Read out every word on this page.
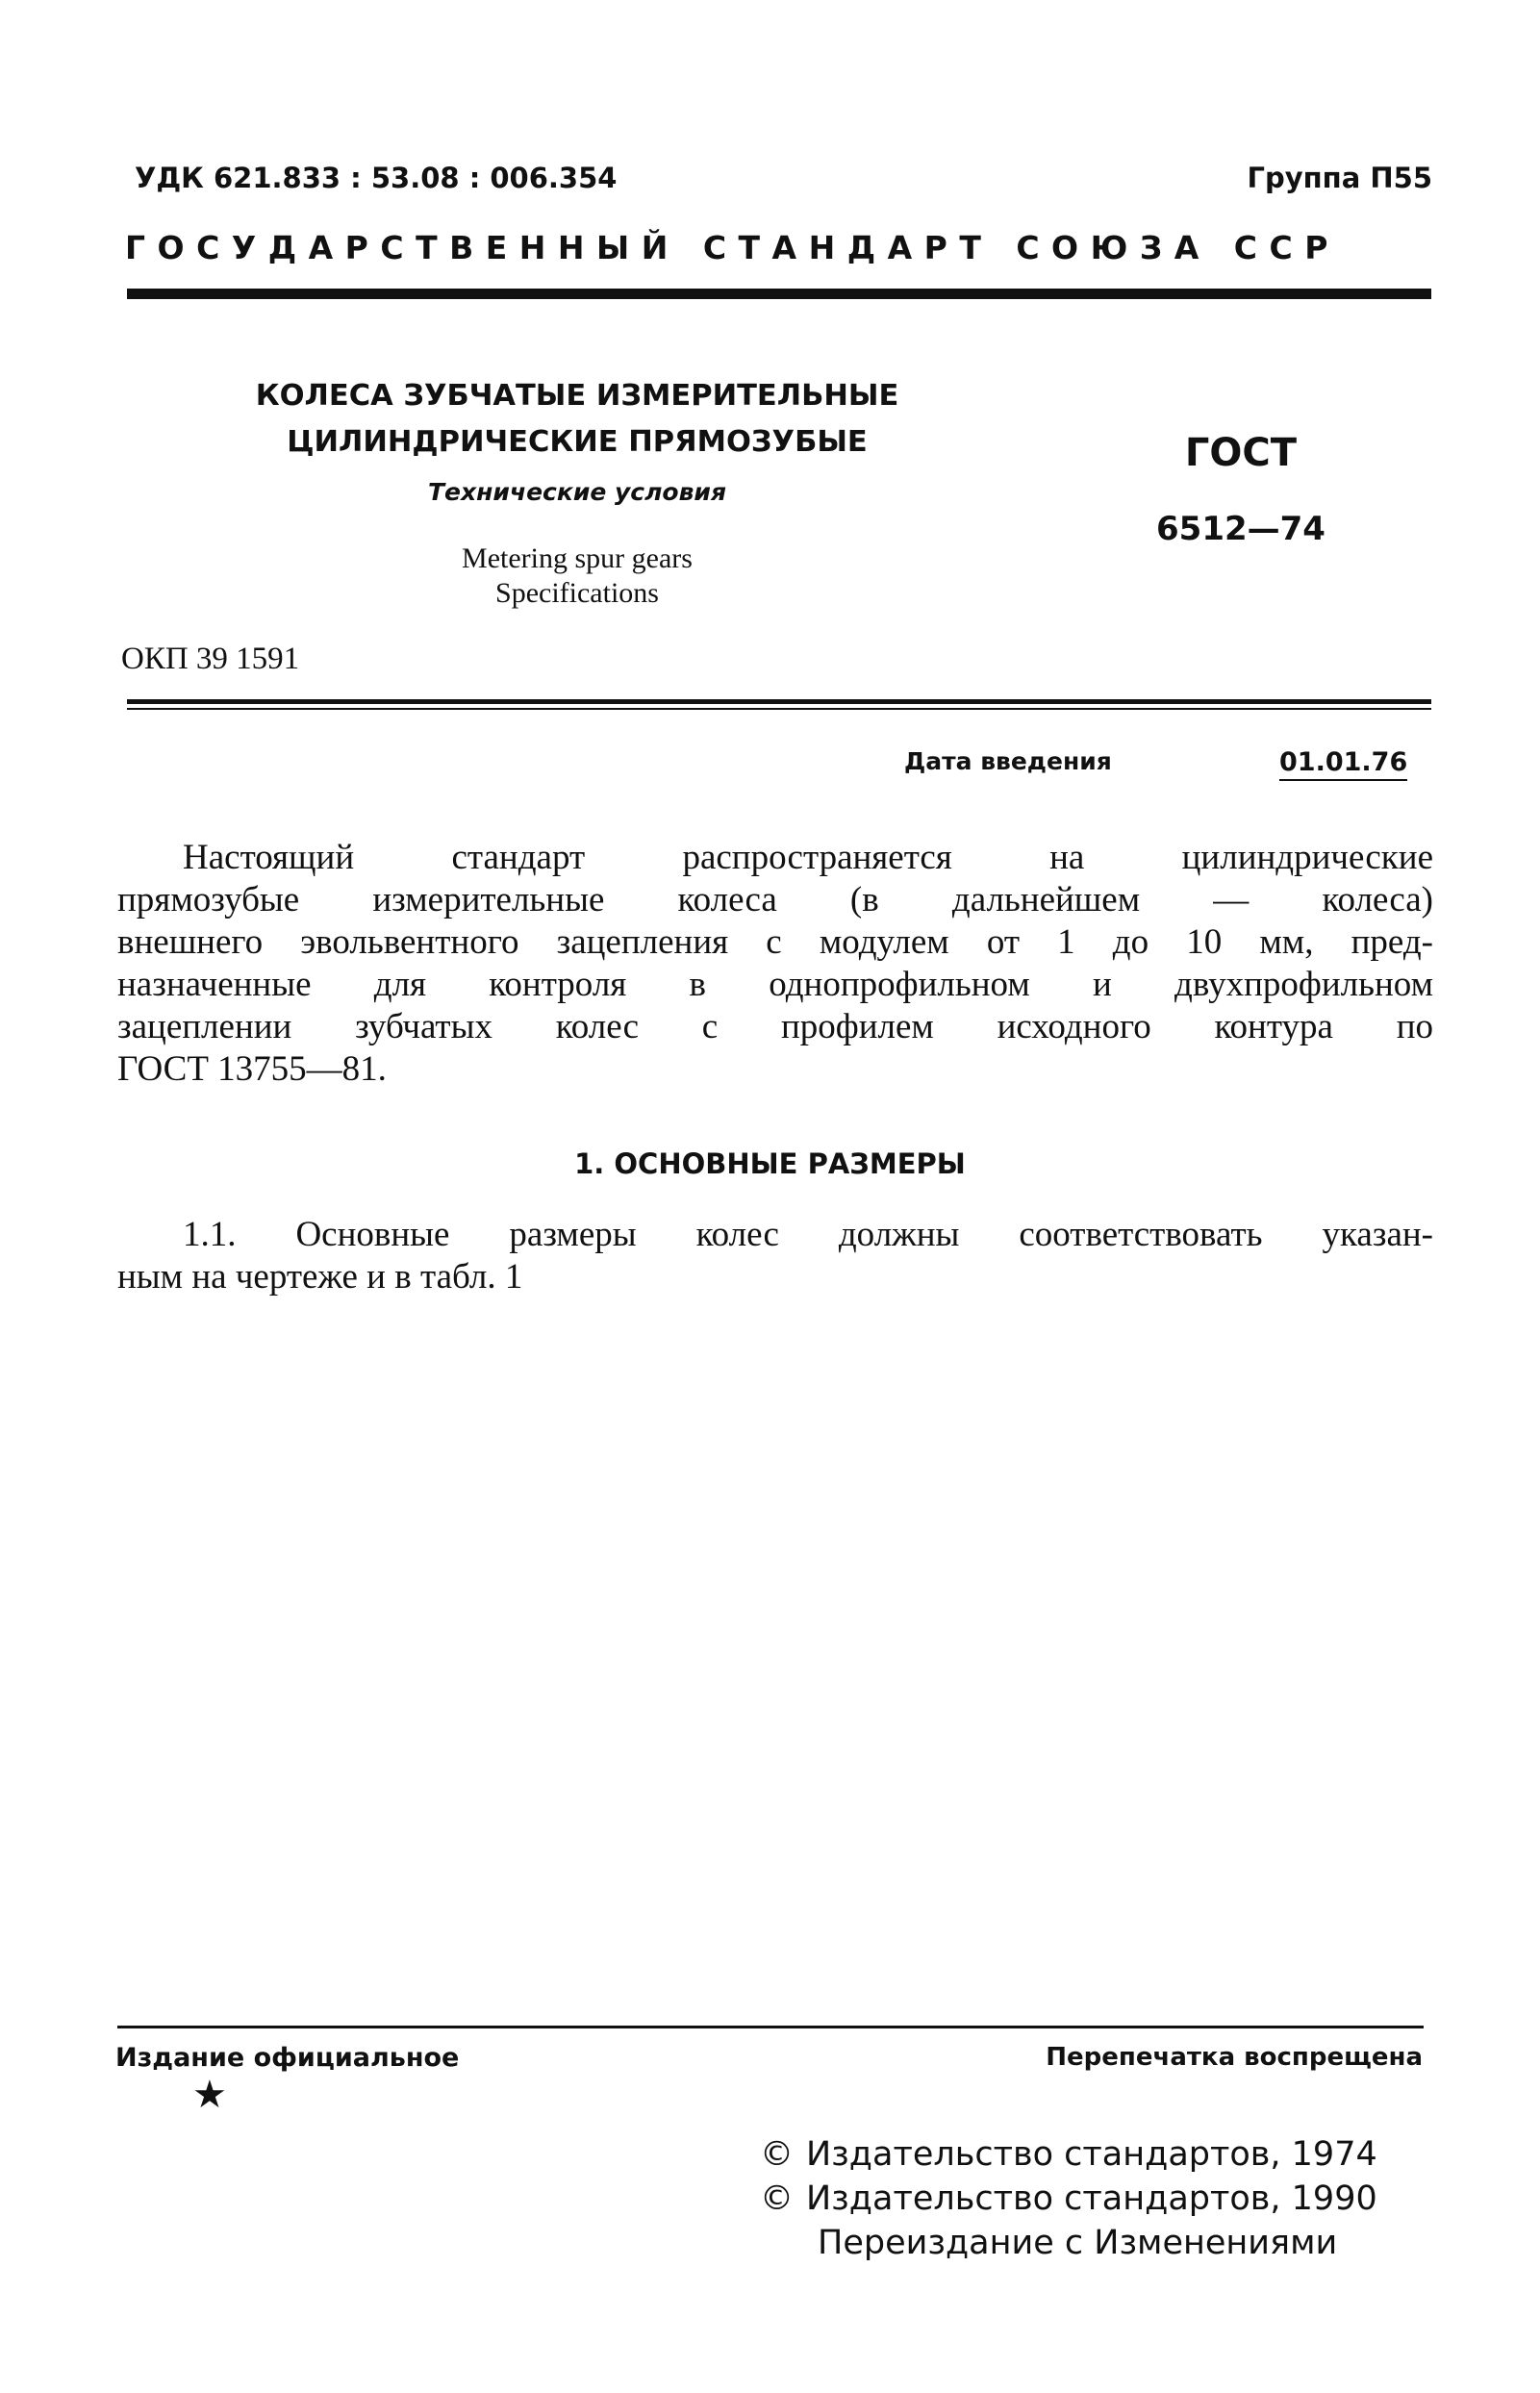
УДК 621.833 : 53.08 : 006.354	Группа П55
ГОСУДАРСТВЕННЫЙ СТАНДАРТ СОЮЗА ССР
КОЛЕСА ЗУБЧАТЫЕ ИЗМЕРИТЕЛЬНЫЕ
ЦИЛИНДРИЧЕСКИЕ ПРЯМОЗУБЫЕ
Технические условия
Metering spur gears
Specifications
ГОСТ
6512—74
ОКП 39 1591
Дата введения	01.01.76
Настоящий стандарт распространяется на цилиндрические
прямозубые измерительные колеса (в дальнейшем — колеса)
внешнего эвольвентного зацепления с модулем от 1 до 10 мм, пред-
назначенные для контроля в однопрофильном и двухпрофильном
зацеплении зубчатых колес с профилем исходного контура по
ГОСТ 13755—81.
1. ОСНОВНЫЕ РАЗМЕРЫ
1.1. Основные размеры колес должны соответствовать указан-
ным на чертеже и в табл. 1
Издание официальное	Перепечатка воспрещена
★
© Издательство стандартов, 1974
© Издательство стандартов, 1990
Переиздание с Изменениями
